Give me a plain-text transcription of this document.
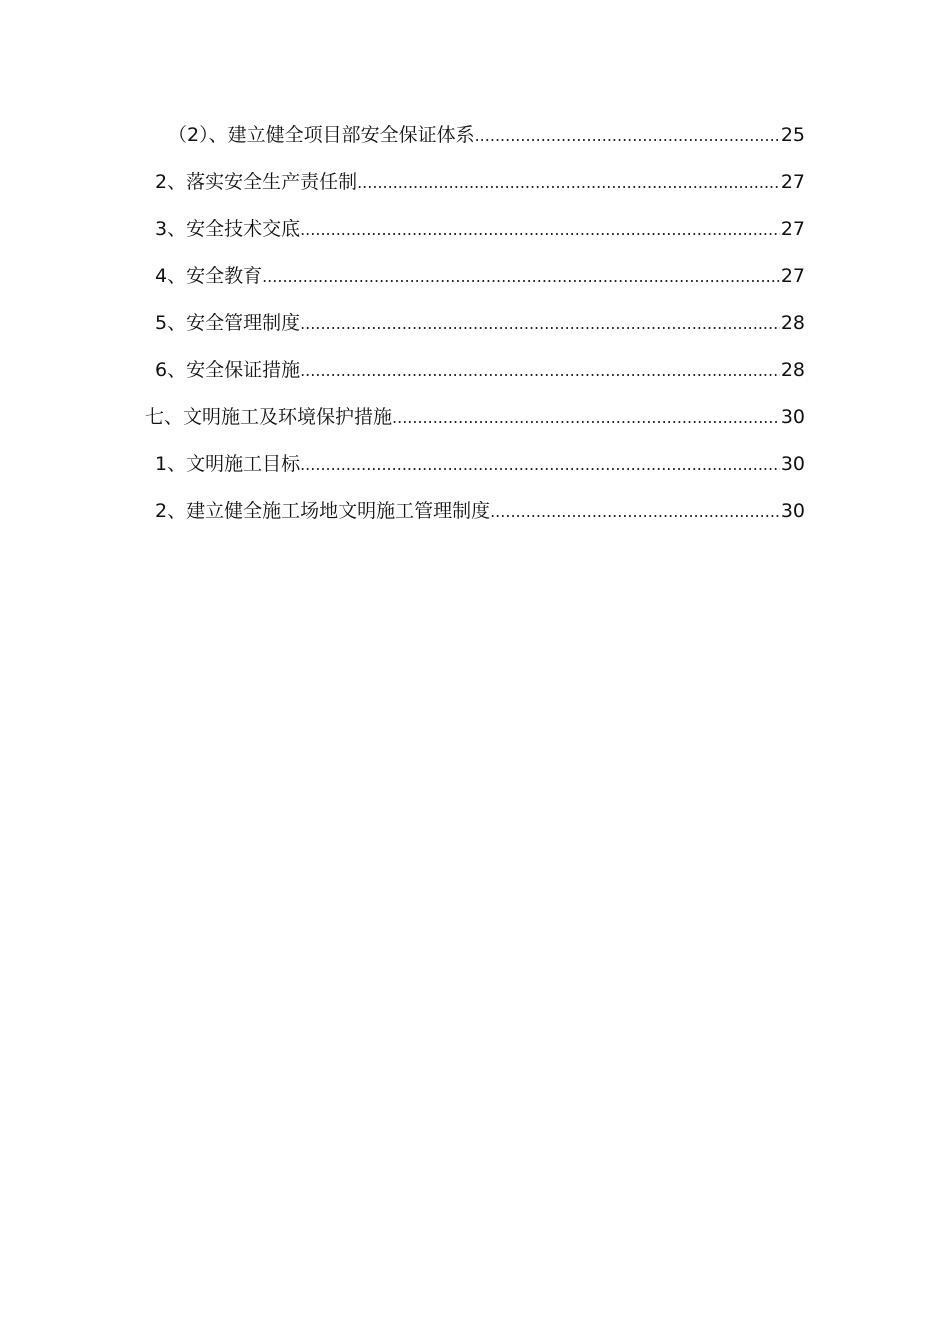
（2）、建立健全项目部安全保证体系 .....	25
2、落实安全生产责任制 .....	27
3、安全技术交底 .....	27
4、安全教育 .....	27
5、安全管理制度 .....	28
6、安全保证措施 .....	28
七、文明施工及环境保护措施 .....	30
1、文明施工目标 .....	30
2、建立健全施工场地文明施工管理制度 .....	30
